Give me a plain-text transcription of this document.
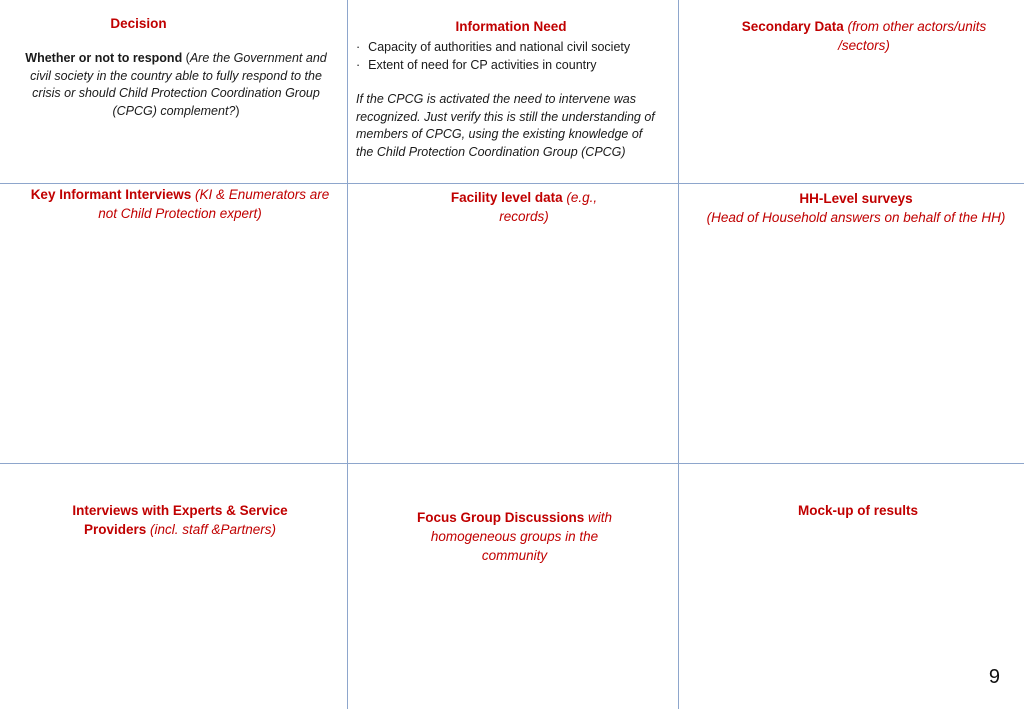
Decision
Whether or not to respond (Are the Government and civil society in the country able to fully respond to the crisis or should Child Protection Coordination Group (CPCG) complement?)
Information Need
· Capacity of authorities and national civil society
· Extent of need for CP activities in country
If the CPCG is activated the need to intervene was recognized. Just verify this is still the understanding of members of CPCG, using the existing knowledge of the Child Protection Coordination Group (CPCG)
Secondary Data (from other actors/units /sectors)
Key Informant Interviews (KI & Enumerators are not Child Protection expert)
Facility level data (e.g., records)
HH-Level surveys
(Head of Household answers on behalf of the HH)
Interviews with Experts & Service Providers (incl. staff &Partners)
Focus Group Discussions with homogeneous groups in the community
Mock-up of results
9
